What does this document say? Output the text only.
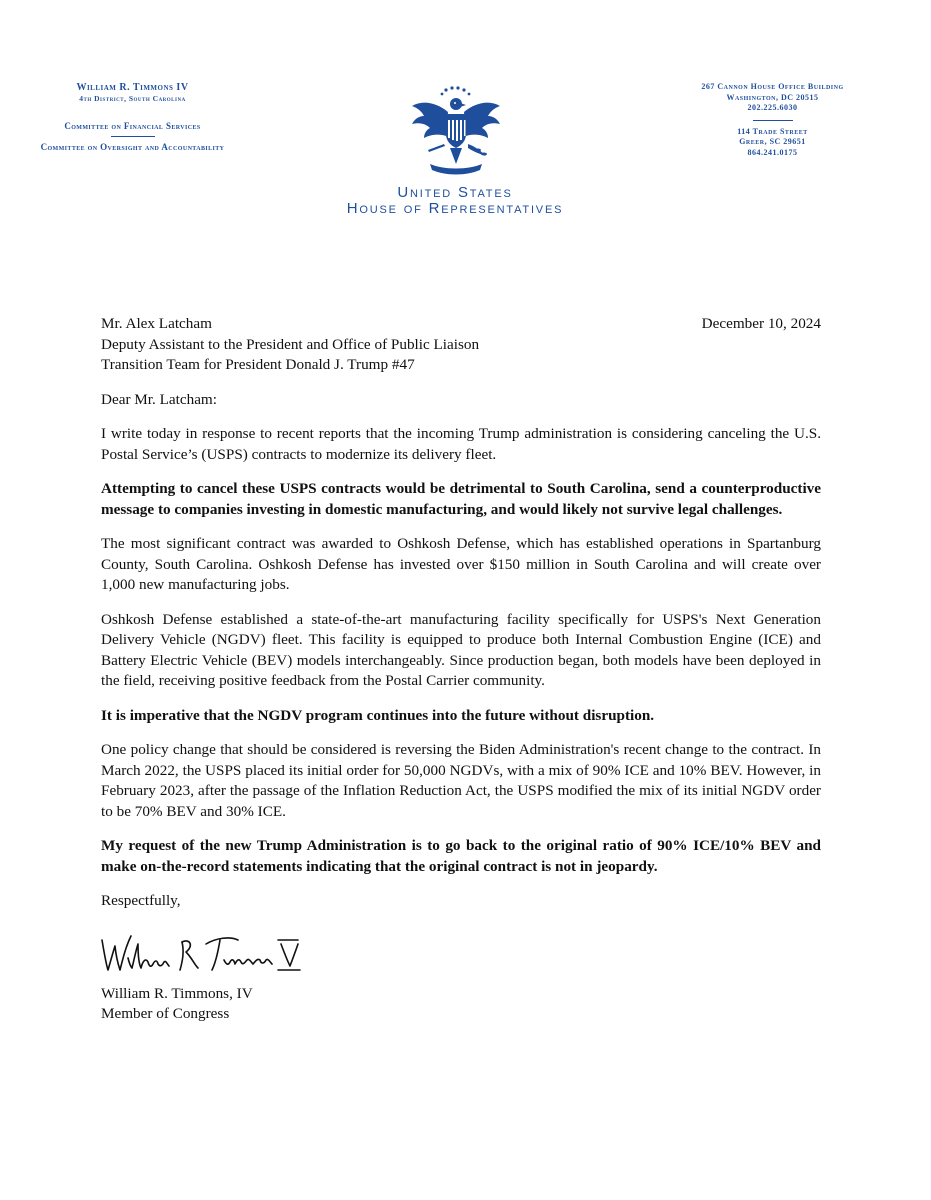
William R. Timmons IV
4th District, South Carolina
Committee on Financial Services
Committee on Oversight and Accountability
United States
House of Representatives
267 Cannon House Office Building
Washington, DC 20515
202.225.6030
114 Trade Street
Greer, SC 29651
864.241.0175
Mr. Alex Latcham
Deputy Assistant to the President and Office of Public Liaison
Transition Team for President Donald J. Trump #47
December 10, 2024

Dear Mr. Latcham:

I write today in response to recent reports that the incoming Trump administration is considering canceling the U.S. Postal Service’s (USPS) contracts to modernize its delivery fleet.

Attempting to cancel these USPS contracts would be detrimental to South Carolina, send a counterproductive message to companies investing in domestic manufacturing, and would likely not survive legal challenges.

The most significant contract was awarded to Oshkosh Defense, which has established operations in Spartanburg County, South Carolina. Oshkosh Defense has invested over $150 million in South Carolina and will create over 1,000 new manufacturing jobs.

Oshkosh Defense established a state-of-the-art manufacturing facility specifically for USPS's Next Generation Delivery Vehicle (NGDV) fleet. This facility is equipped to produce both Internal Combustion Engine (ICE) and Battery Electric Vehicle (BEV) models interchangeably. Since production began, both models have been deployed in the field, receiving positive feedback from the Postal Carrier community.

It is imperative that the NGDV program continues into the future without disruption.

One policy change that should be considered is reversing the Biden Administration's recent change to the contract. In March 2022, the USPS placed its initial order for 50,000 NGDVs, with a mix of 90% ICE and 10% BEV. However, in February 2023, after the passage of the Inflation Reduction Act, the USPS modified the mix of its initial NGDV order to be 70% BEV and 30% ICE.

My request of the new Trump Administration is to go back to the original ratio of 90% ICE/10% BEV and make on-the-record statements indicating that the original contract is not in jeopardy.

Respectfully,

William R. Timmons, IV

Member of Congress
